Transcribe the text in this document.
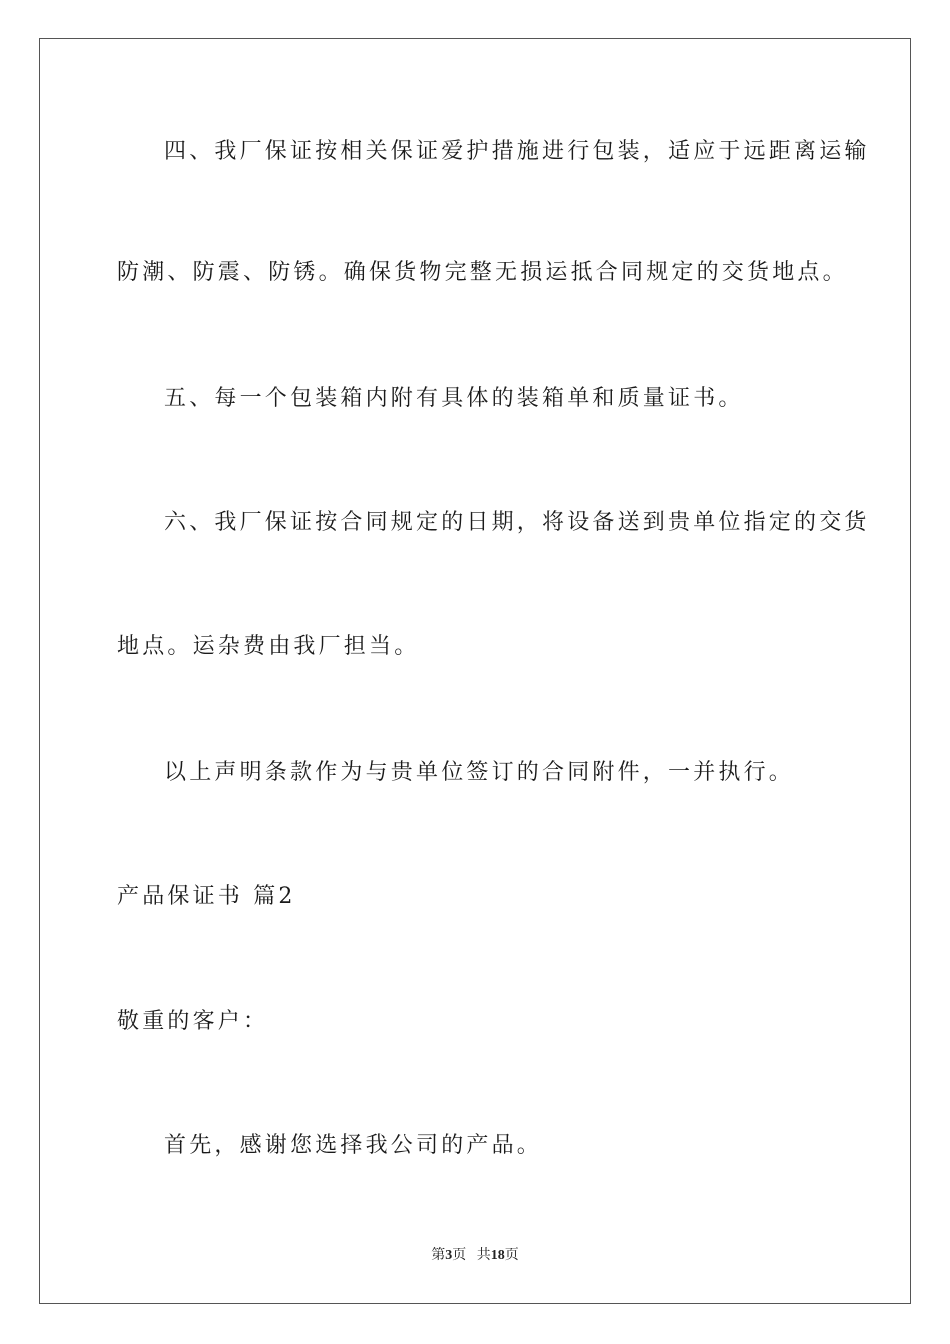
四、我厂保证按相关保证爱护措施进行包装，适应于远距离运输
防潮、防震、防锈。确保货物完整无损运抵合同规定的交货地点。
五、每一个包装箱内附有具体的装箱单和质量证书。
六、我厂保证按合同规定的日期，将设备送到贵单位指定的交货
地点。运杂费由我厂担当。
以上声明条款作为与贵单位签订的合同附件，一并执行。
产品保证书 篇2
敬重的客户：
首先，感谢您选择我公司的产品。
第3页 共18页
